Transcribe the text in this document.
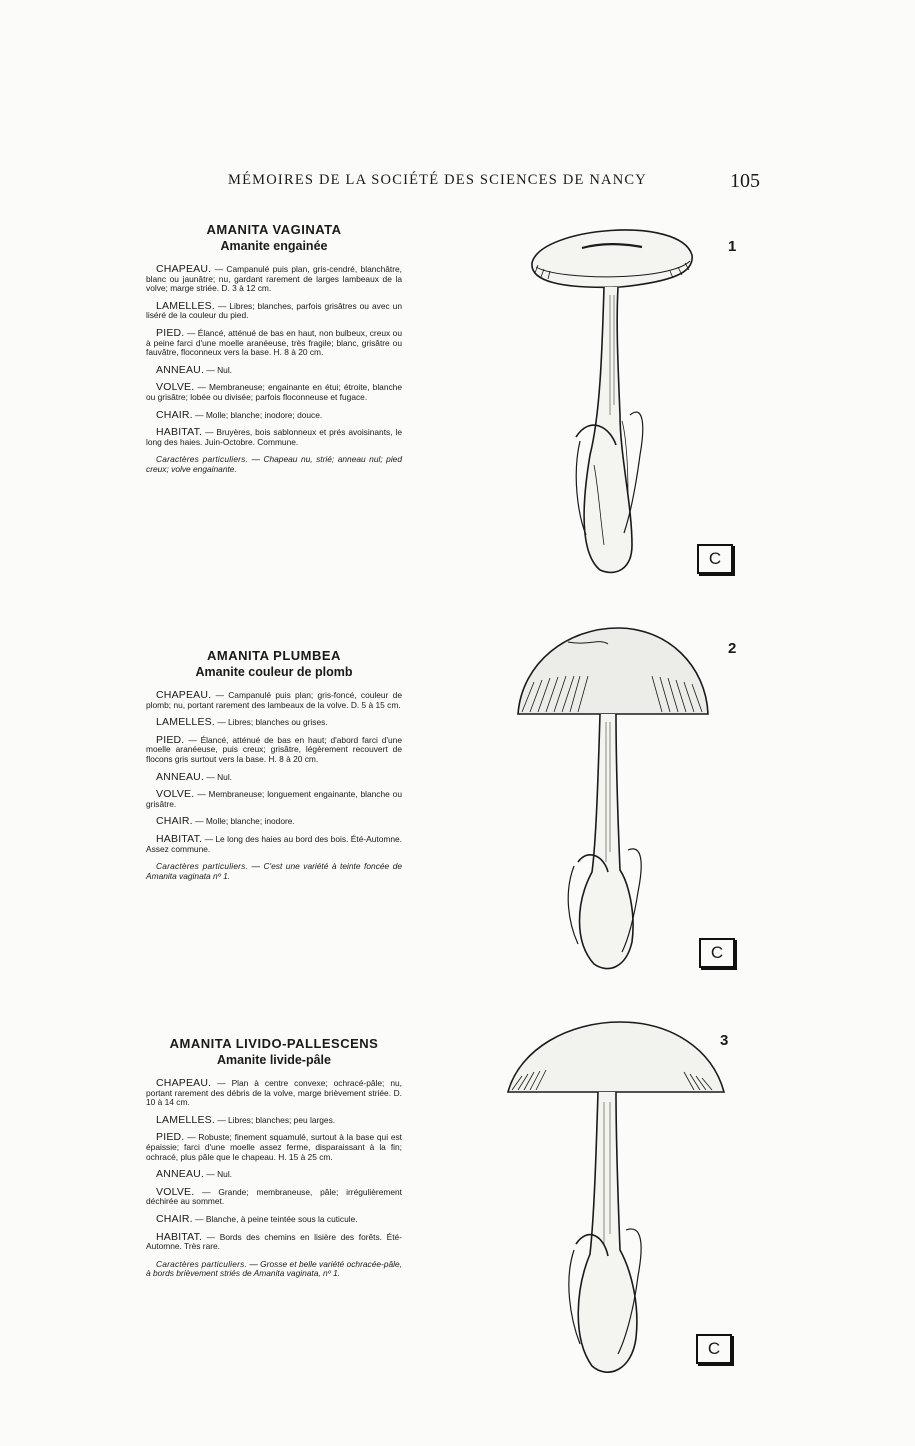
MÉMOIRES DE LA SOCIÉTÉ DES SCIENCES DE NANCY	105
AMANITA VAGINATA
Amanite engainée

CHAPEAU. — Campanulé puis plan, gris-cendré, blanchâtre, blanc ou jaunâtre; nu, gardant rarement de larges lambeaux de la volve; marge striée. D. 3 à 12 cm.

LAMELLES. — Libres; blanches, parfois grisâtres ou avec un liséré de la couleur du pied.

PIED. — Élancé, atténué de bas en haut, non bulbeux, creux ou à peine farci d'une moelle aranéeuse, très fragile; blanc, grisâtre ou fauvâtre, floconneux vers la base. H. 8 à 20 cm.

ANNEAU. — Nul.

VOLVE. — Membraneuse; engainante en étui; étroite, blanche ou grisâtre; lobée ou divisée; parfois floconneuse et fugace.

CHAIR. — Molle; blanche; inodore; douce.

HABITAT. — Bruyères, bois sablonneux et prés avoisinants, le long des haies. Juin-Octobre. Commune.

Caractères particuliers. — Chapeau nu, strié; anneau nul; pied creux; volve engainante.

AMANITA PLUMBEA
Amanite couleur de plomb

CHAPEAU. — Campanulé puis plan; gris-foncé, couleur de plomb; nu, portant rarement des lambeaux de la volve. D. 5 à 15 cm.

LAMELLES. — Libres; blanches ou grises.

PIED. — Élancé, atténué de bas en haut; d'abord farci d'une moelle aranéeuse, puis creux; grisâtre, légèrement recouvert de flocons gris surtout vers la base. H. 8 à 20 cm.

ANNEAU. — Nul.

VOLVE. — Membraneuse; longuement engainante, blanche ou grisâtre.

CHAIR. — Molle; blanche; inodore.

HABITAT. — Le long des haies au bord des bois. Été-Automne. Assez commune.

Caractères particuliers. — C'est une variété à teinte foncée de Amanita vaginata nº 1.

AMANITA LIVIDO-PALLESCENS
Amanite livide-pâle

CHAPEAU. — Plan à centre convexe; ochracé-pâle; nu, portant rarement des débris de la volve, marge brièvement striée. D. 10 à 14 cm.

LAMELLES. — Libres; blanches; peu larges.

PIED. — Robuste; finement squamulé, surtout à la base qui est épaissie; farci d'une moelle assez ferme, disparaissant à la fin; ochracé, plus pâle que le chapeau. H. 15 à 25 cm.

ANNEAU. — Nul.

VOLVE. — Grande; membraneuse, pâle; irrégulièrement déchirée au sommet.

CHAIR. — Blanche, à peine teintée sous la cuticule.

HABITAT. — Bords des chemins en lisière des forêts. Été-Automne. Très rare.

Caractères particuliers. — Grosse et belle variété ochracée-pâle, à bords brièvement striés de Amanita vaginata, nº 1.

1
C
2
C
3
C
